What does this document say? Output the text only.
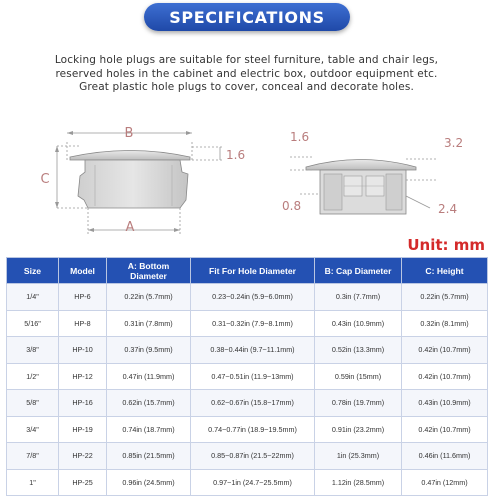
SPECIFICATIONS
Locking hole plugs are suitable for steel furniture, table and chair legs,
reserved holes in the cabinet and electric box, outdoor equipment etc.
Great plastic hole plugs to cover, conceal and decorate holes.
B
C
A
1.6
1.6	3.2
0.8	2.4
Unit: mm
Size	Model	A: Bottom Diameter	Fit For Hole Diameter	B: Cap Diameter	C: Height
1/4"	HP-6	0.22in (5.7mm)	0.23~0.24in (5.9~6.0mm)	0.3in (7.7mm)	0.22in (5.7mm)
5/16"	HP-8	0.31in (7.8mm)	0.31~0.32in (7.9~8.1mm)	0.43in (10.9mm)	0.32in (8.1mm)
3/8"	HP-10	0.37in (9.5mm)	0.38~0.44in (9.7~11.1mm)	0.52in (13.3mm)	0.42in (10.7mm)
1/2"	HP-12	0.47in (11.9mm)	0.47~0.51in (11.9~13mm)	0.59in (15mm)	0.42in (10.7mm)
5/8"	HP-16	0.62in (15.7mm)	0.62~0.67in (15.8~17mm)	0.78in (19.7mm)	0.43in (10.9mm)
3/4"	HP-19	0.74in (18.7mm)	0.74~0.77in (18.9~19.5mm)	0.91in (23.2mm)	0.42in (10.7mm)
7/8"	HP-22	0.85in (21.5mm)	0.85~0.87in (21.5~22mm)	1in (25.3mm)	0.46in (11.6mm)
1"	HP-25	0.96in (24.5mm)	0.97~1in (24.7~25.5mm)	1.12in (28.5mm)	0.47in (12mm)
